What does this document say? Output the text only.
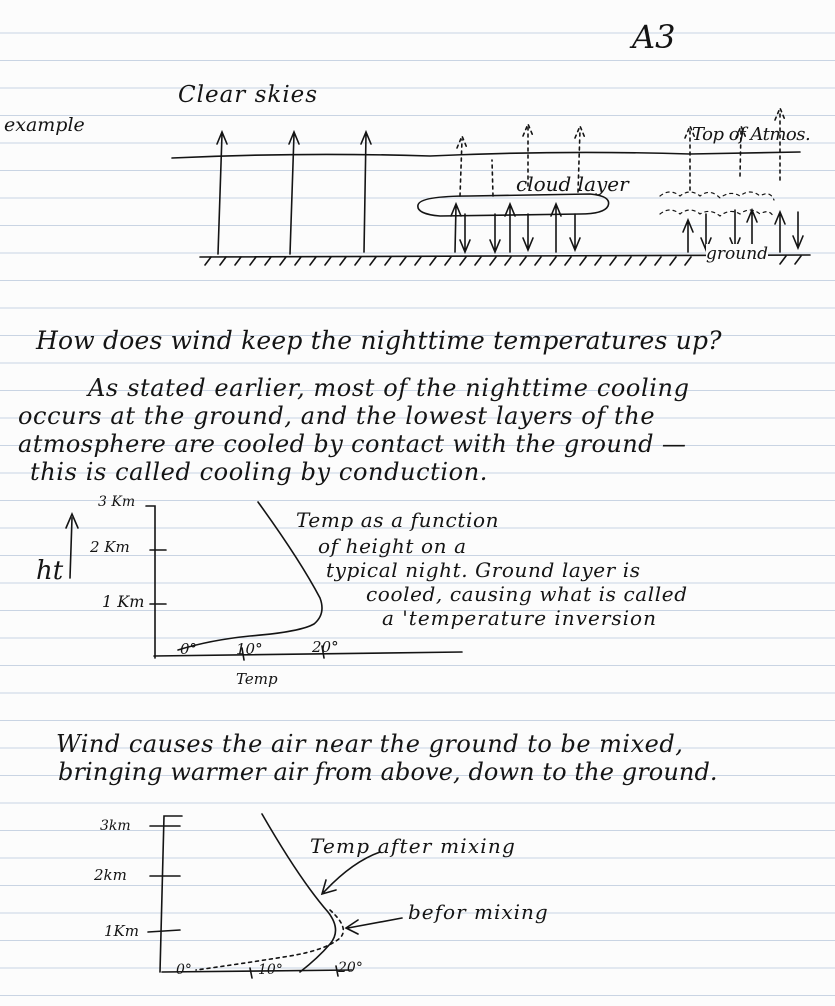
A3
example
Clear skies
Top of Atmos.
cloud layer
ground
How does wind keep the nighttime temperatures up?
As stated earlier, most of the nighttime cooling
occurs at the ground, and the lowest layers of the
atmosphere are cooled by contact with the ground —
this is called cooling by conduction.
ht
3 Km
2 Km
1 Km
0°	10°	20°
Temp
Temp as a function
of height on a
typical night. Ground layer is
cooled, causing what is called
a 'temperature inversion
Wind causes the air near the ground to be mixed,
bringing warmer air from above, down to the ground.
3km
2km
1Km
0°	10°	20°
Temp after mixing
befor mixing
